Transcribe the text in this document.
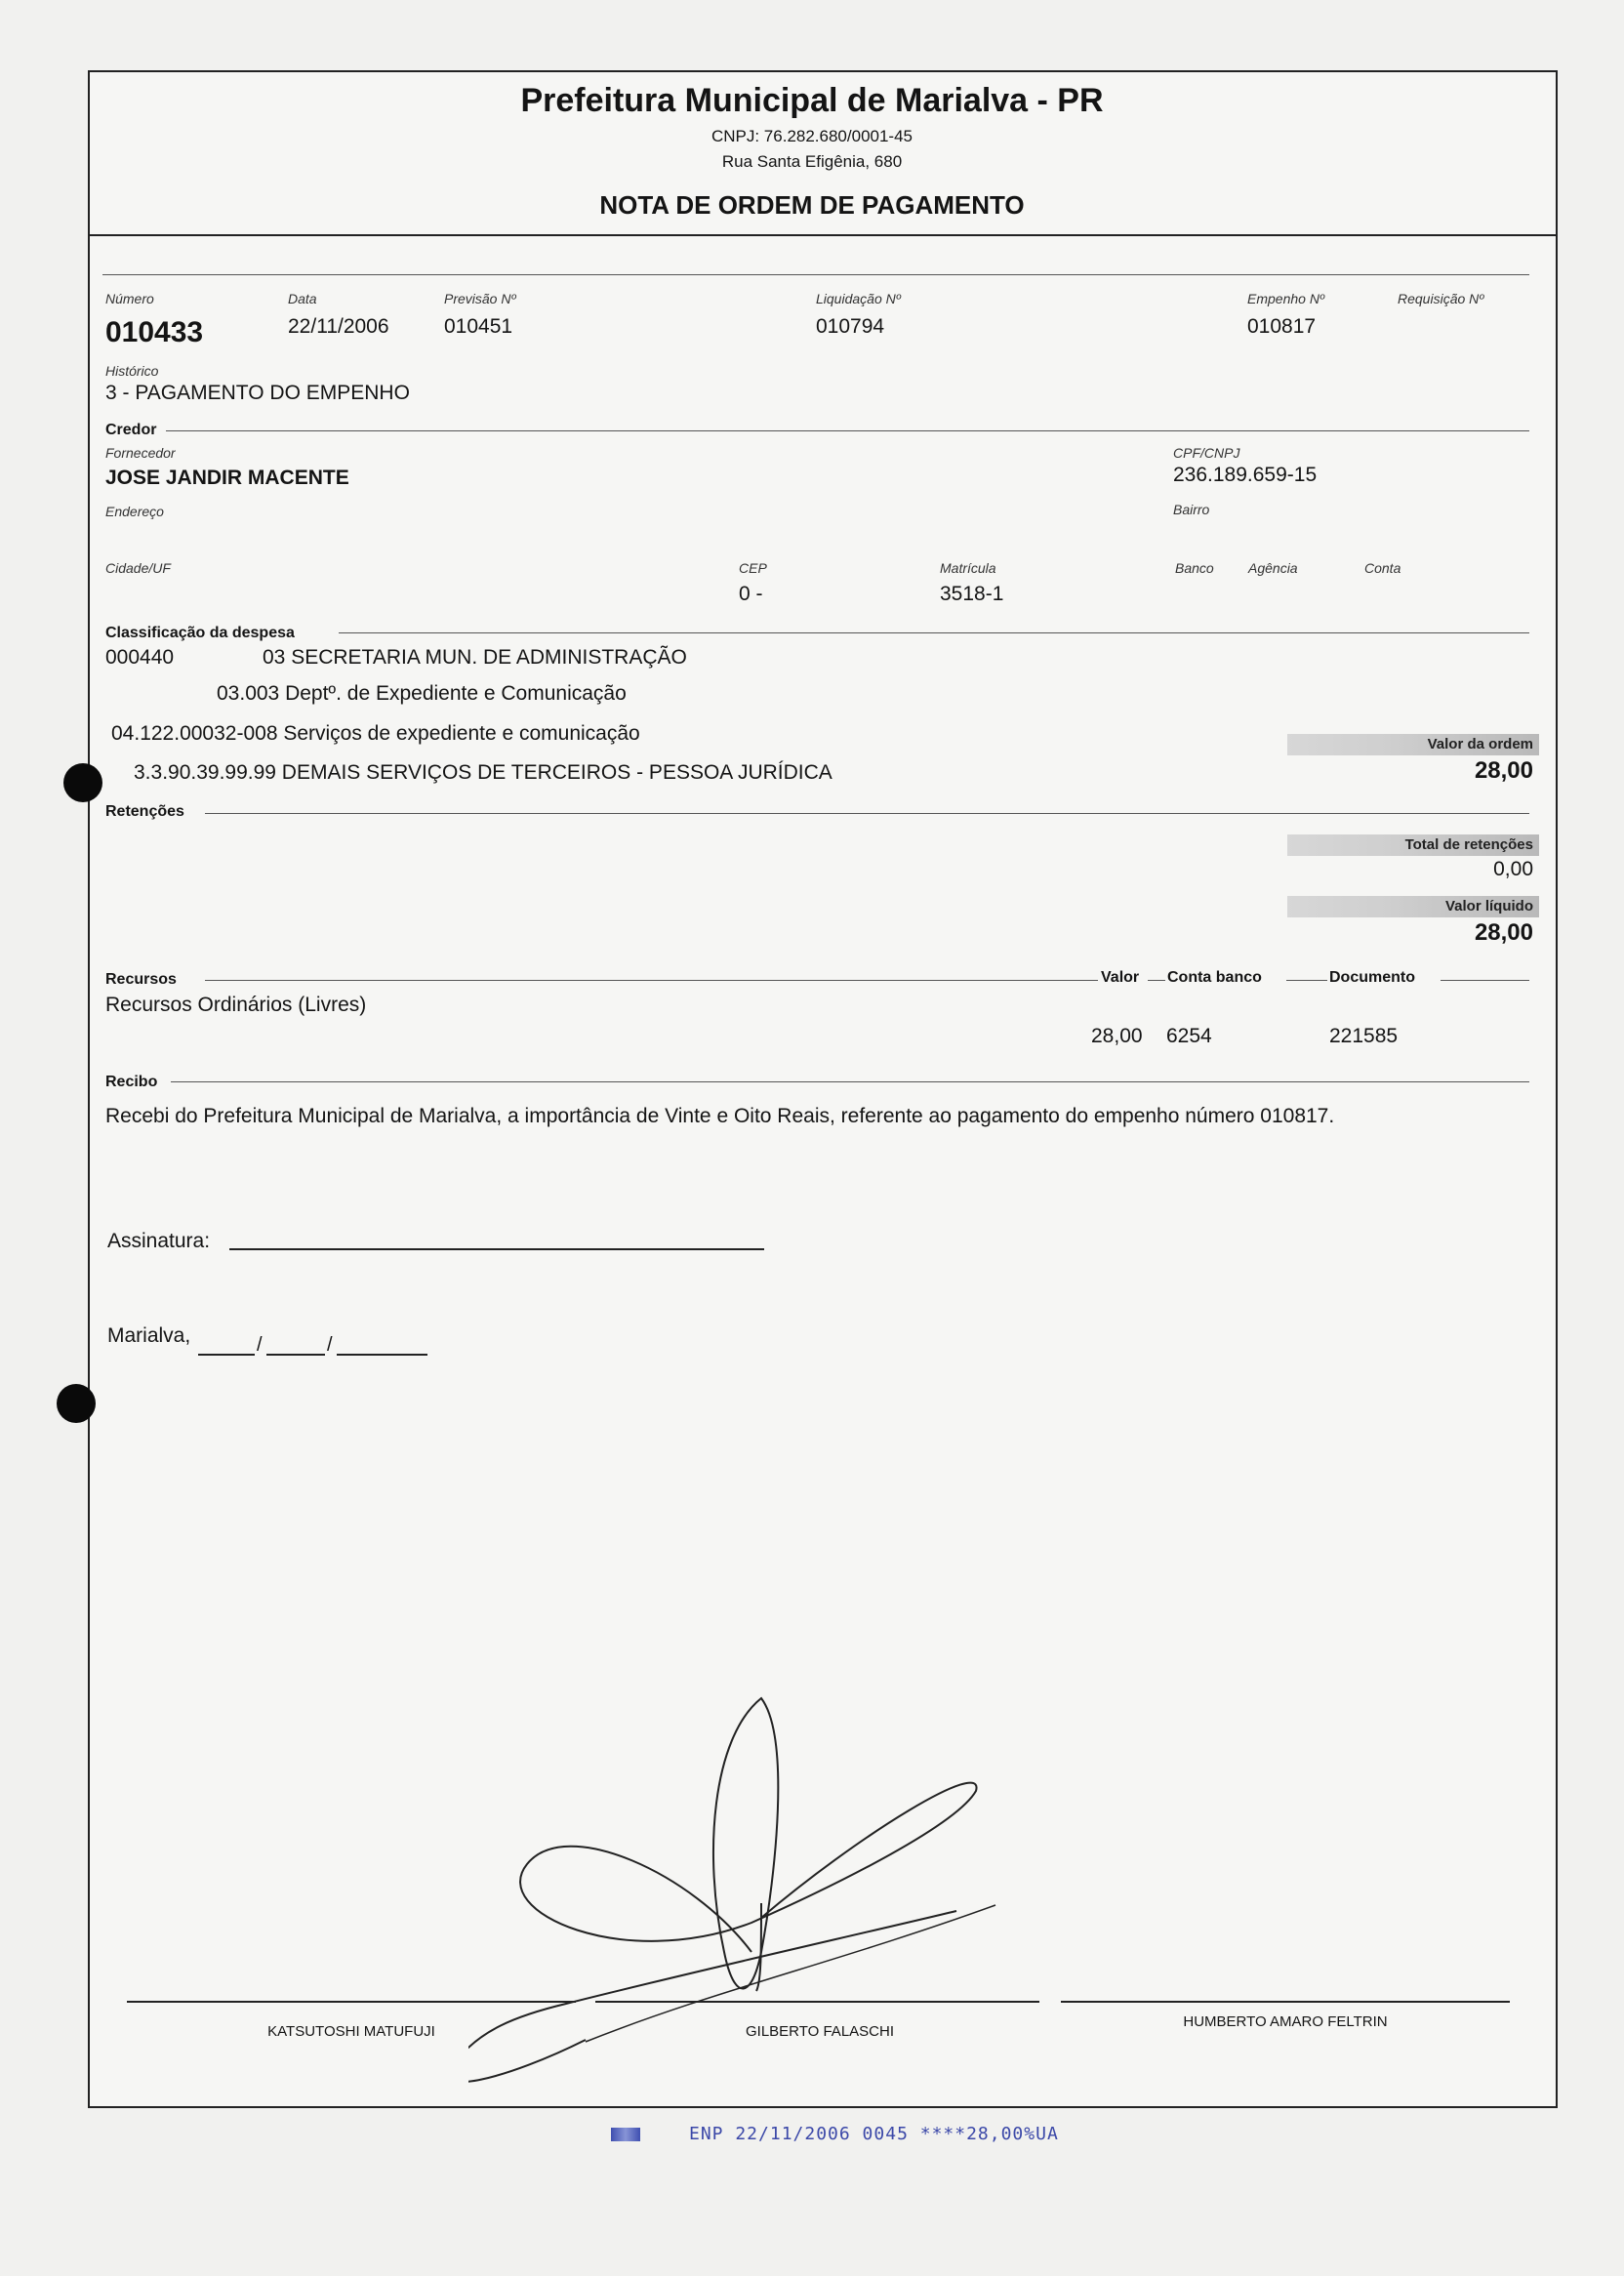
Prefeitura Municipal de Marialva - PR
CNPJ: 76.282.680/0001-45
Rua Santa Efigênia, 680
NOTA DE ORDEM DE PAGAMENTO
Número
010433
Data
22/11/2006
Previsão Nº
010451
Liquidação Nº
010794
Empenho Nº
010817
Requisição Nº
Histórico
3 - PAGAMENTO DO EMPENHO
Credor
Fornecedor
JOSE JANDIR MACENTE
CPF/CNPJ
236.189.659-15
Endereço	Bairro
Cidade/UF	CEP
0 -
Matrícula
3518-1
Banco	Agência	Conta
Classificação da despesa
000440	03 SECRETARIA MUN. DE ADMINISTRAÇÃO
03.003 Deptº. de Expediente e Comunicação
04.122.00032-008 Serviços de expediente e comunicação
3.3.90.39.99.99 DEMAIS SERVIÇOS DE TERCEIROS - PESSOA JURÍDICA
Valor da ordem
28,00
Retenções
Total de retenções
0,00
Valor líquido
28,00
Recursos	Valor Conta banco	Documento
Recursos Ordinários (Livres)
28,00 6254	221585
Recibo
Recebi do Prefeitura Municipal de Marialva, a importância de Vinte e Oito Reais, referente ao pagamento do empenho número 010817.
Assinatura:
Marialva,	/	/
KATSUTOSHI MATUFUJI	GILBERTO FALASCHI
HUMBERTO AMARO FELTRIN
ENP 22/11/2006 0045 ****28,00%UA
